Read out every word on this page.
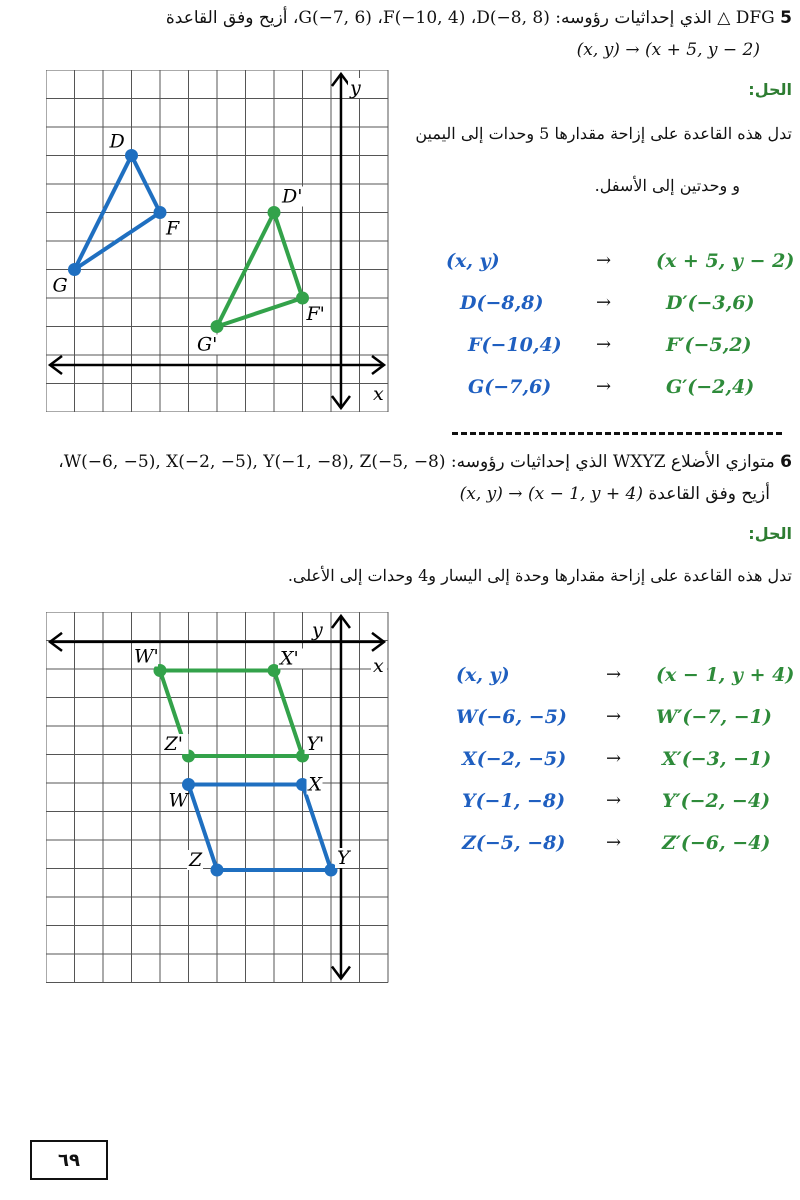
5 DFG △ الذي إحداثيات رؤوسه: G(−7, 6) ،F(−10, 4) ،D(−8, 8)، أزيح وفق القاعدة
(x, y) → (x + 5, y − 2)
الحل:
تدل هذه القاعدة على إزاحة مقدارها 5 وحدات إلى اليمين
و وحدتين إلى الأسفل.
y
x
D
F
G
D'
F'
G'
(x, y)	→ (x + 5, y − 2)
D(−8,8)	→	D′(−3,6)
F(−10,4) →	F′(−5,2)
G(−7,6) →	G′(−2,4)
6 متوازي الأضلاع WXYZ الذي إحداثيات رؤوسه: W(−6, −5), X(−2, −5), Y(−1, −8), Z(−5, −8)،
أزيح وفق القاعدة (x, y) → (x − 1, y + 4)
الحل:
تدل هذه القاعدة على إزاحة مقدارها وحدة إلى اليسار و4 وحدات إلى الأعلى.
y
x
W
X
Y
Z
W'	X'
Y'
Z'
(x, y)	→ (x − 1, y + 4)
W(−6, −5) → W′(−7, −1)
X(−2, −5) → X′(−3, −1)
Y(−1, −8) → Y′(−2, −4)
Z(−5, −8) → Z′(−6, −4)
٦٩
